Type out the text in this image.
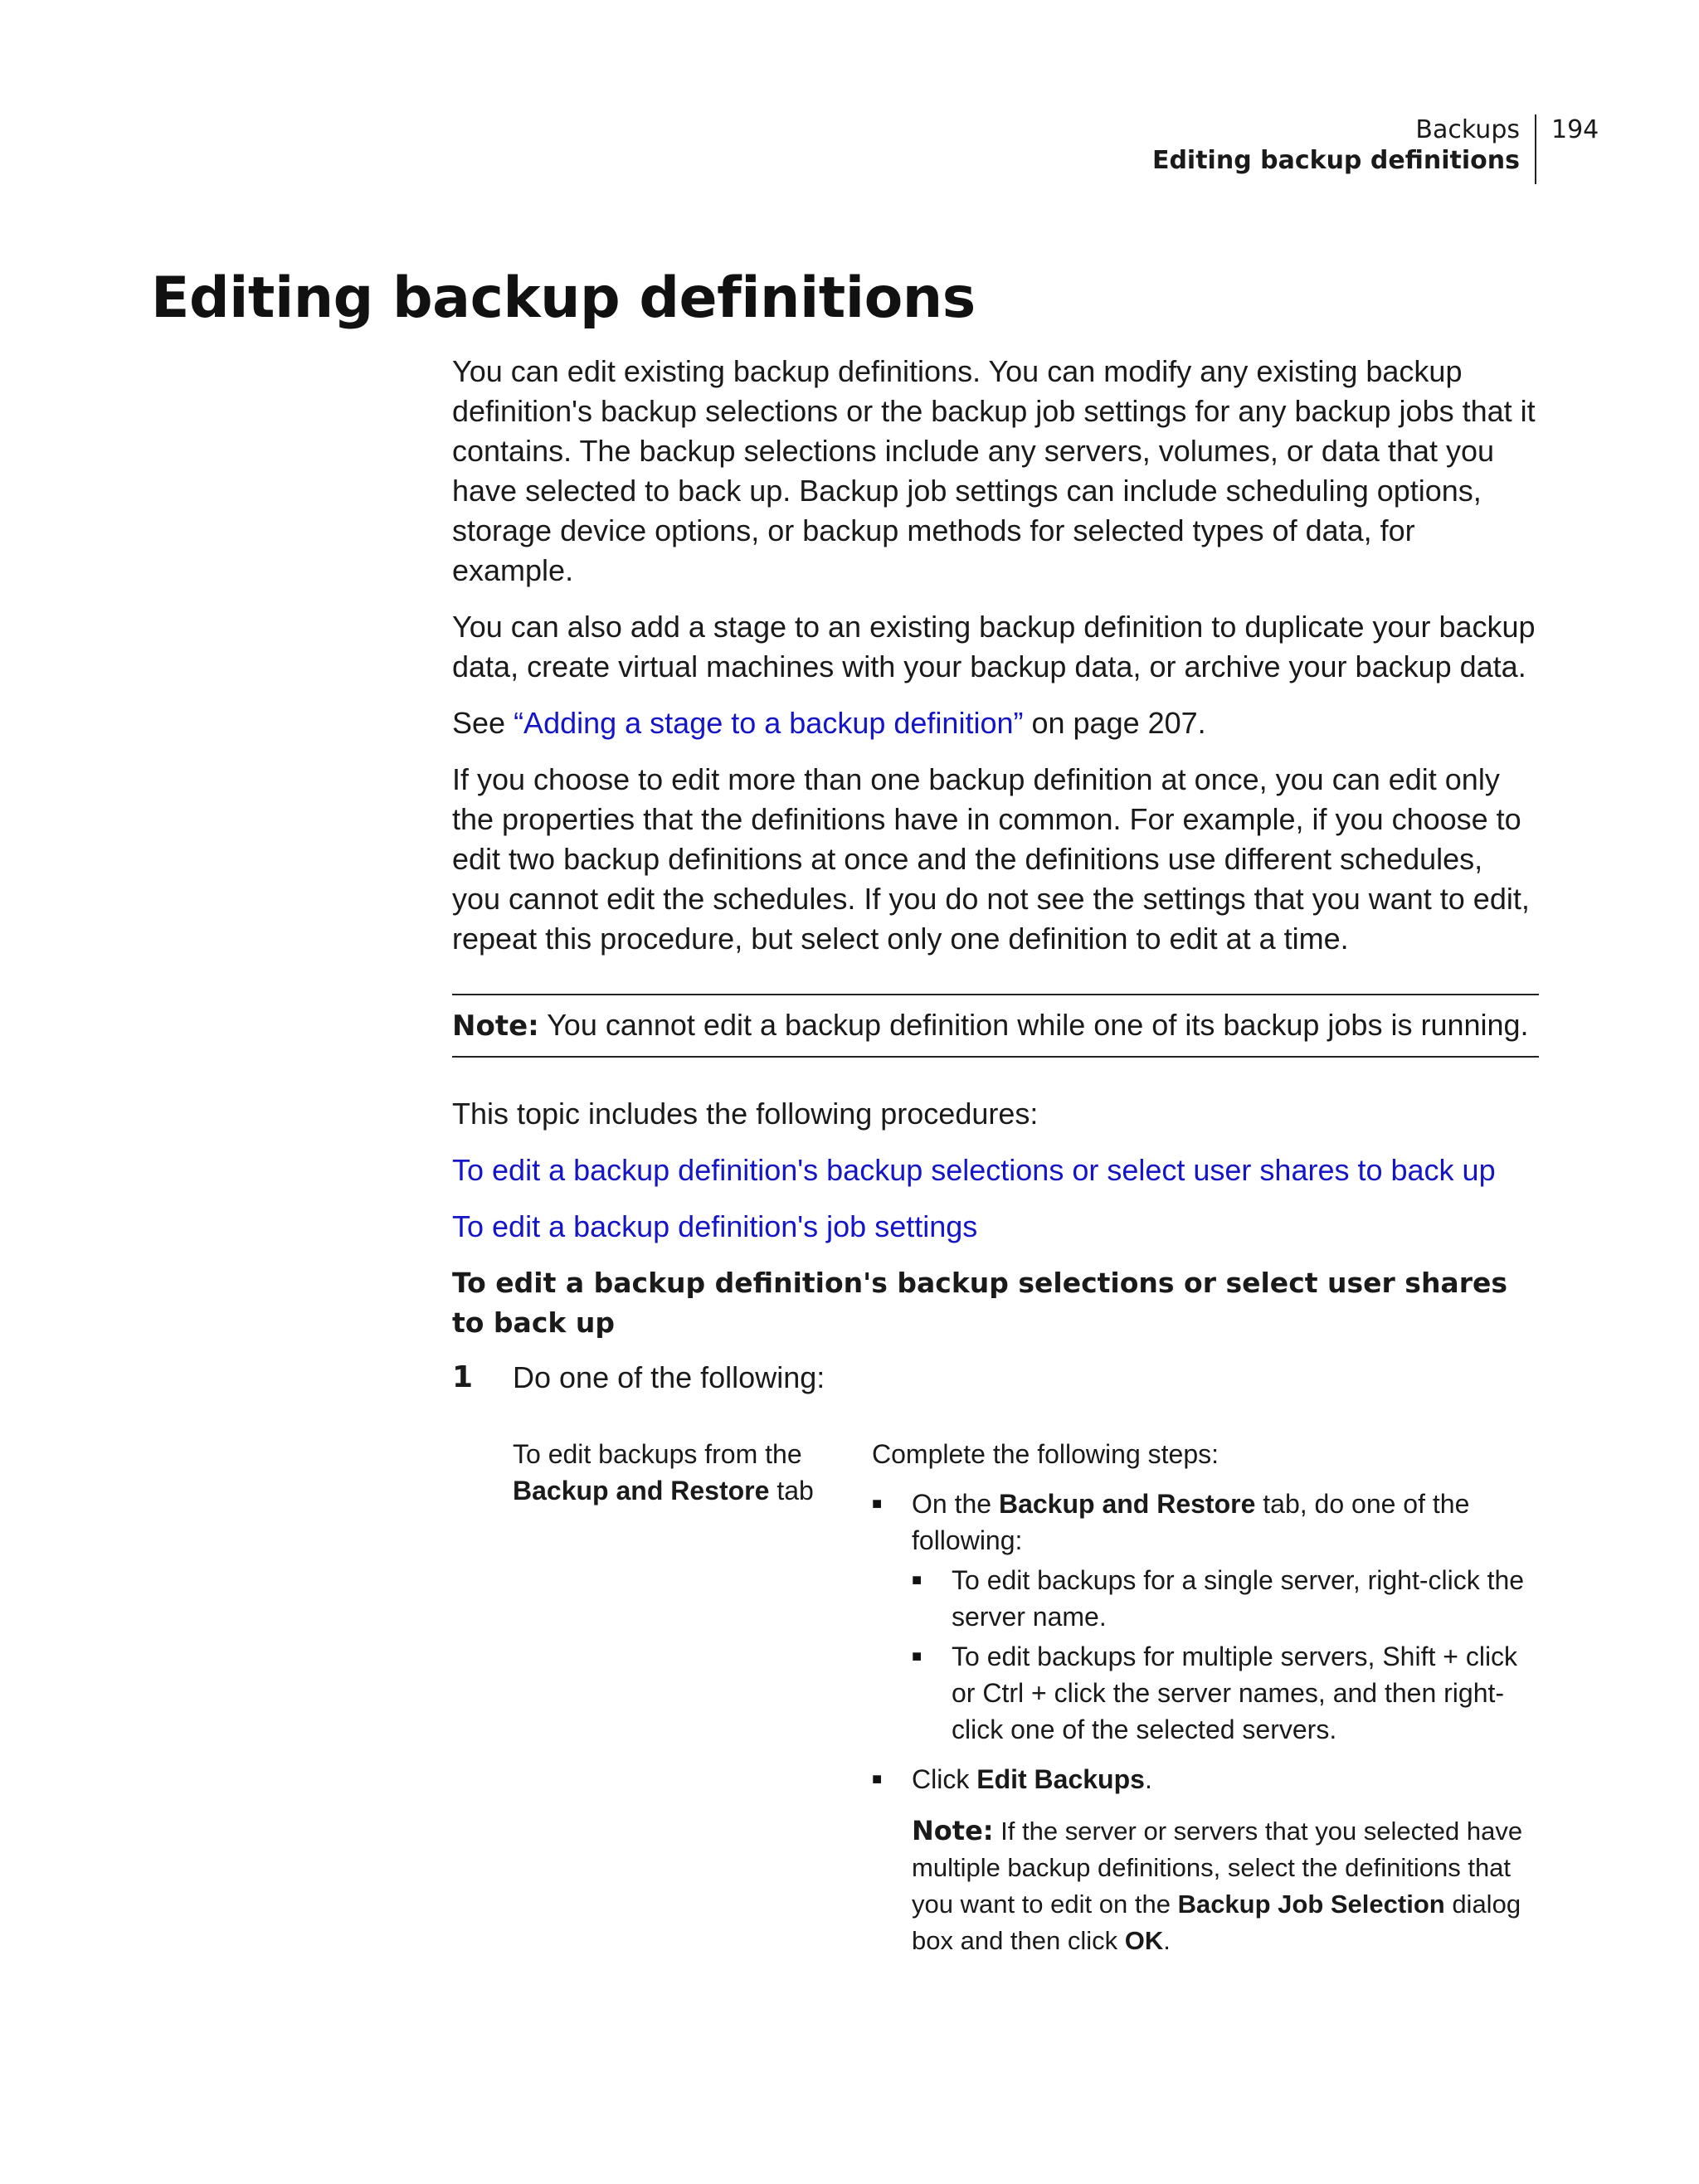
Backups
Editing backup definitions
194
Editing backup definitions

You can edit existing backup definitions. You can modify any existing backup definition's backup selections or the backup job settings for any backup jobs that it contains. The backup selections include any servers, volumes, or data that you have selected to back up. Backup job settings can include scheduling options, storage device options, or backup methods for selected types of data, for example.

You can also add a stage to an existing backup definition to duplicate your backup data, create virtual machines with your backup data, or archive your backup data.

See “Adding a stage to a backup definition” on page 207.

If you choose to edit more than one backup definition at once, you can edit only the properties that the definitions have in common. For example, if you choose to edit two backup definitions at once and the definitions use different schedules, you cannot edit the schedules. If you do not see the settings that you want to edit, repeat this procedure, but select only one definition to edit at a time.

Note: You cannot edit a backup definition while one of its backup jobs is running.

This topic includes the following procedures:

To edit a backup definition's backup selections or select user shares to back up

To edit a backup definition's job settings

To edit a backup definition's backup selections or select user shares to back up
1 Do one of the following:
To edit backups from the Backup and Restore tab
Complete the following steps:
■ On the Backup and Restore tab, do one of the following:
■ To edit backups for a single server, right-click the server name.
■ To edit backups for multiple servers, Shift + click or Ctrl + click the server names, and then right-click one of the selected servers.
■ Click Edit Backups.
Note: If the server or servers that you selected have multiple backup definitions, select the definitions that you want to edit on the Backup Job Selection dialog box and then click OK.
